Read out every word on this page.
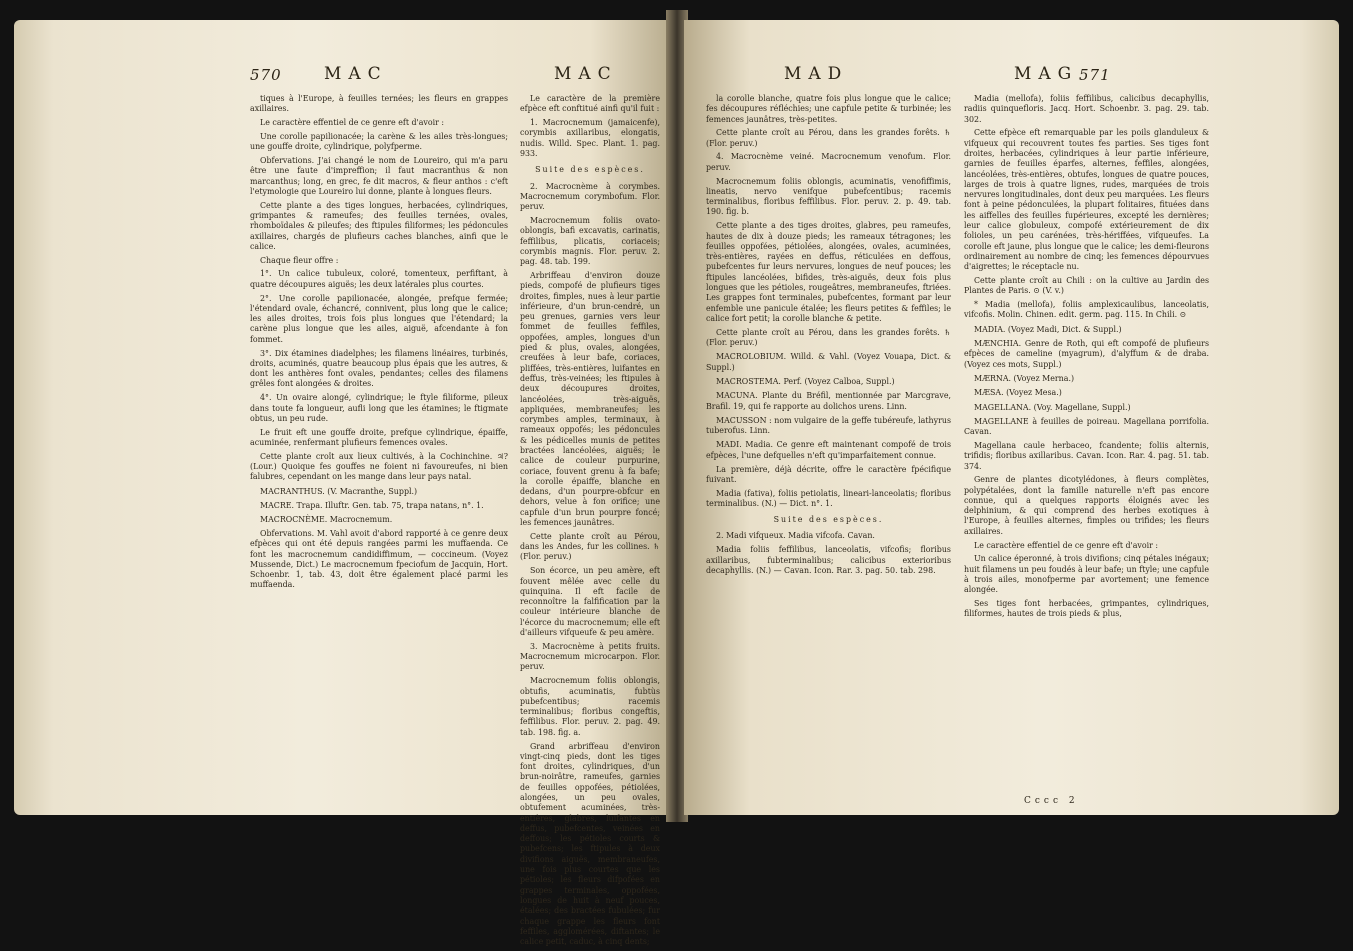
570 MAC	MAC

tiques à l'Europe, à feuilles ternées; les fleurs en grappes axillaires.

Le caractère effentiel de ce genre eft d'avoir :

Une corolle papilionacée; la carène & les ailes très-longues; une gouffe droite, cylindrique, polyfperme.

Obfervations. J'ai changé le nom de Loureiro, qui m'a paru être une faute d'impreffion; il faut macranthus & non marcanthus; long, en grec, fe dit macros, & fleur anthos : c'eft l'etymologie que Loureiro lui donne, plante à longues fleurs.

Cette plante a des tiges longues, herbacées, cylindriques, grimpantes & rameufes; des feuilles ternées, ovales, rhomboïdales & pileufes; des ftipules filiformes; les pédoncules axillaires, chargés de plufieurs caches blanches, ainfi que le calice.

Chaque fleur offre :

1°. Un calice tubuleux, coloré, tomenteux, perfiftant, à quatre découpures aiguës; les deux latérales plus courtes.

2°. Une corolle papilionacée, alongée, prefque fermée; l'étendard ovale, échancré, connivent, plus long que le calice; les ailes droites, trois fois plus longues que l'étendard; la carène plus longue que les ailes, aiguë, afcendante à fon fommet.

3°. Dix étamines diadelphes; les filamens linéaires, turbinés, droits, acuminés, quatre beaucoup plus épais que les autres, & dont les anthères font ovales, pendantes; celles des filamens grêles font alongées & droites.

4°. Un ovaire alongé, cylindrique; le ftyle filiforme, pileux dans toute fa longueur, aufli long que les étamines; le ftigmate obtus, un peu rude.

Le fruit eft une gouffe droite, prefque cylindrique, épaiffe, acuminée, renfermant plufieurs femences ovales.

Cette plante croît aux lieux cultivés, à la Cochinchine. ♃? (Lour.) Quoique fes gouffes ne foient ni favoureufes, ni bien falubres, cependant on les mange dans leur pays natal.

MACRANTHUS. (V. Macranthe, Suppl.)

MACRE. Trapa. Illuftr. Gen. tab. 75, trapa natans, n°. 1.

MACROCNÈME. Macrocnemum.

Obfervations. M. Vahl avoit d'abord rapporté à ce genre deux efpèces qui ont été depuis rangées parmi les muffaenda. Ce font les macrocnemum candidiffimum, — coccineum. (Voyez Mussende, Dict.) Le macrocnemum fpeciofum de Jacquin, Hort. Schoenbr. 1, tab. 43, doit être également placé parmi les muffaenda.

Le caractère de la première efpèce eft conftitué ainfi qu'il fuit :

1. Macrocnemum (jamaicenfe), corymbis axillaribus, elongatis, nudis. Willd. Spec. Plant. 1. pag. 933.

Suite des espèces.

2. Macrocnème à corymbes. Macrocnemum corymbofum. Flor. peruv.

Macrocnemum foliis ovato-oblongis, bafi excavatis, carinatis, feffilibus, plicatis, coriaceis; corymbis magnis. Flor. peruv. 2. pag. 48. tab. 199.

Arbriffeau d'environ douze pieds, compofé de plufieurs tiges droites, fimples, nues à leur partie inférieure, d'un brun-cendré, un peu grenues, garnies vers leur fommet de feuilles feffiles, oppofées, amples, longues d'un pied & plus, ovales, alongées, creufées à leur bafe, coriaces, pliffées, très-entières, luifantes en deffus, très-veinées; les ftipules à deux découpures droites, lancéolées, très-aiguës, appliquées, membraneufes; les corymbes amples, terminaux, à rameaux oppofés; les pédoncules & les pédicelles munis de petites bractées lancéolées, aiguës; le calice de couleur purpurine, coriace, fouvent grenu à fa bafe; la corolle épaiffe, blanche en dedans, d'un pourpre-obfcur en dehors, velue à fon orifice; une capfule d'un brun pourpre foncé; les femences jaunâtres.

Cette plante croît au Pérou, dans les Andes, fur les collines. ♄ (Flor. peruv.)

Son écorce, un peu amère, eft fouvent mêlée avec celle du quinquina. Il eft facile de reconnoître la falfification par la couleur intérieure blanche de l'écorce du macrocnemum; elle eft d'ailleurs vifqueufe & peu amère.

3. Macrocnème à petits fruits. Macrocnemum microcarpon. Flor. peruv.

Macrocnemum foliis oblongis, obtufis, acuminatis, fubtùs pubefcentibus; racemis terminalibus; floribus congeftis, feffilibus. Flor. peruv. 2. pag. 49. tab. 198. fig. a.

Grand arbriffeau d'environ vingt-cinq pieds, dont les tiges font droites, cylindriques, d'un brun-noirâtre, rameufes, garnies de feuilles oppofées, pétiolées, alongées, un peu ovales, obtufement acuminées, très-entières, glabres, luifantes en deffus, pubefcentes, veinées en deffous; les pétioles courts & pubefcens; les ftipules à deux divifions aiguës, membraneufes, une fois plus courtes que les pétioles; les fleurs difpofées en grappes terminales, oppofées, longues de huit à neuf pouces, étalées; des bractées fubulées; fur chaque grappe les fleurs font feffiles, agglomérées, diftantes; le calice petit, caduc, à cinq dents;

MAD	MAG 571

la corolle blanche, quatre fois plus longue que le calice; fes découpures réfléchies; une capfule petite & turbinée; les femences jaunâtres, très-petites.

Cette plante croît au Pérou, dans les grandes forêts. ♄ (Flor. peruv.)

4. Macrocnème veiné. Macrocnemum venofum. Flor. peruv.

Macrocnemum foliis oblongis, acuminatis, venofiffimis, lineatis, nervo venifque pubefcentibus; racemis terminalibus, floribus feffilibus. Flor. peruv. 2. p. 49. tab. 190. fig. b.

Cette plante a des tiges droites, glabres, peu rameufes, hautes de dix à douze pieds; les rameaux tétragones; les feuilles oppofées, pétiolées, alongées, ovales, acuminées, très-entières, rayées en deffus, réticulées en deffous, pubefcentes fur leurs nervures, longues de neuf pouces; les ftipules lancéolées, bifides, très-aiguës, deux fois plus longues que les pétioles, rougeâtres, membraneufes, ftriées. Les grappes font terminales, pubefcentes, formant par leur enfemble une panicule étalée; les fleurs petites & feffiles; le calice fort petit; la corolle blanche & petite.

Cette plante croît au Pérou, dans les grandes forêts. ♄ (Flor. peruv.)

MACROLOBIUM. Willd. & Vahl. (Voyez Vouapa, Dict. & Suppl.)

MACROSTEMA. Perf. (Voyez Calboa, Suppl.)

MACUNA. Plante du Bréfil, mentionnée par Marcgrave, Brafil. 19, qui fe rapporte au dolichos urens. Linn.

MACUSSON : nom vulgaire de la geffe tubéreufe, lathyrus tuberofus. Linn.

MADI. Madia. Ce genre eft maintenant compofé de trois efpèces, l'une defquelles n'eft qu'imparfaitement connue.

La première, déjà décrite, offre le caractère fpécifique fuivant.

Madia (fativa), foliis petiolatis, lineari-lanceolatis; floribus terminalibus. (N.) — Dict. n°. 1.

Suite des espèces.

2. Madi vifqueux. Madia vifcofa. Cavan.

Madia foliis feffilibus, lanceolatis, vifcofis; floribus axillaribus, fubterminalibus; calicibus exterioribus decaphyllis. (N.) — Cavan. Icon. Rar. 3. pag. 50. tab. 298.

Madia (mellofa), foliis feffilibus, calicibus decaphyllis, radiis quinquefloris. Jacq. Hort. Schoenbr. 3. pag. 29. tab. 302.

Cette efpèce eft remarquable par les poils glanduleux & vifqueux qui recouvrent toutes fes parties. Ses tiges font droites, herbacées, cylindriques à leur partie inférieure, garnies de feuilles éparfes, alternes, feffiles, alongées, lancéolées, très-entières, obtufes, longues de quatre pouces, larges de trois à quatre lignes, rudes, marquées de trois nervures longitudinales, dont deux peu marquées. Les fleurs font à peine pédonculées, la plupart folitaires, fituées dans les aiffelles des feuilles fupérieures, excepté les dernières; leur calice globuleux, compofé extérieurement de dix folioles, un peu carénées, très-hériffées, vifqueufes. La corolle eft jaune, plus longue que le calice; les demi-fleurons ordinairement au nombre de cinq; les femences dépourvues d'aigrettes; le réceptacle nu.

Cette plante croît au Chili : on la cultive au Jardin des Plantes de Paris. ⊙ (V. v.)

* Madia (mellofa), foliis amplexicaulibus, lanceolatis, vifcofis. Molin. Chinen. edit. germ. pag. 115. In Chili. ⊙

MADIA. (Voyez Madi, Dict. & Suppl.)

MÆNCHIA. Genre de Roth, qui eft compofé de plufieurs efpèces de cameline (myagrum), d'alyffum & de draba. (Voyez ces mots, Suppl.)

MÆRNA. (Voyez Merna.)

MÆSA. (Voyez Mesa.)

MAGELLANA. (Voy. Magellane, Suppl.)

MAGELLANE à feuilles de poireau. Magellana porrifolia. Cavan.

Magellana caule herbaceo, fcandente; foliis alternis, trifidis; floribus axillaribus. Cavan. Icon. Rar. 4. pag. 51. tab. 374.

Genre de plantes dicotylédones, à fleurs complètes, polypétalées, dont la famille naturelle n'eft pas encore connue, qui a quelques rapports éloignés avec les delphinium, & qui comprend des herbes exotiques à l'Europe, à feuilles alternes, fimples ou trifides; les fleurs axillaires.

Le caractère effentiel de ce genre eft d'avoir :

Un calice éperonné, à trois divifions; cinq pétales inégaux; huit filamens un peu foudés à leur bafe; un ftyle; une capfule à trois ailes, monofperme par avortement; une femence alongée.

Ses tiges font herbacées, grimpantes, cylindriques, filiformes, hautes de trois pieds & plus,

Cccc 2
